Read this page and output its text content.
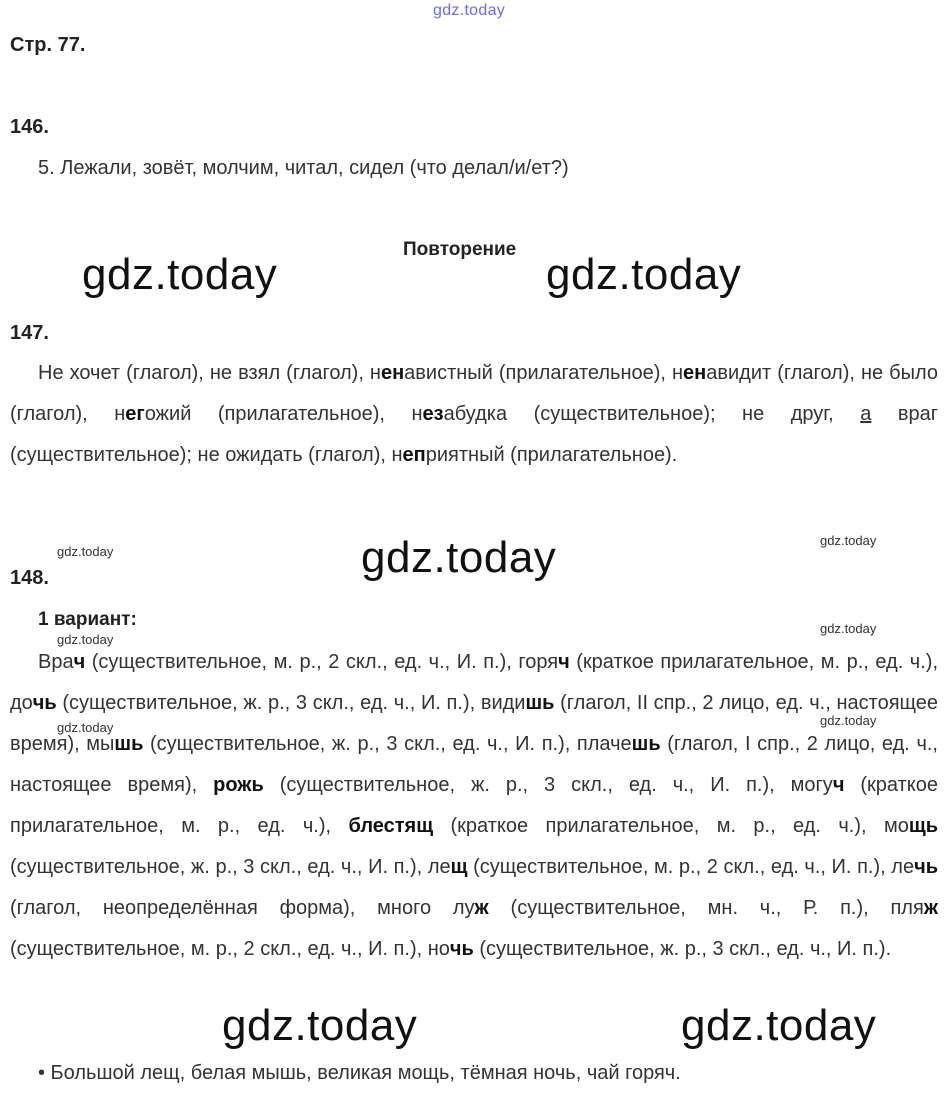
gdz.today
gdz.today	gdz.today
gdz.today
gdz.today	gdz.today
gdz.today
gdz.today
gdz.today
gdz.today
gdz.today	gdz.today
Стр. 77.
146.
5. Лежали, зовёт, молчим, читал, сидел (что делал/и/ет?)
Повторение
147.
Не хочет (глагол), не взял (глагол), ненавистный (прилагательное), ненавидит (глагол), не было (глагол), негожий (прилагательное), незабудка (существительное); не друг, а враг (существительное); не ожидать (глагол), неприятный (прилагательное).
148.
1 вариант:
Врач (существительное, м. р., 2 скл., ед. ч., И. п.), горяч (краткое прилагательное, м. р., ед. ч.), дочь (существительное, ж. р., 3 скл., ед. ч., И. п.), видишь (глагол, II спр., 2 лицо, ед. ч., настоящее время), мышь (существительное, ж. р., 3 скл., ед. ч., И. п.), плачешь (глагол, I спр., 2 лицо, ед. ч., настоящее время), рожь (существительное, ж. р., 3 скл., ед. ч., И. п.), могуч (краткое прилагательное, м. р., ед. ч.), блестящ (краткое прилагательное, м. р., ед. ч.), мощь (существительное, ж. р., 3 скл., ед. ч., И. п.), лещ (существительное, м. р., 2 скл., ед. ч., И. п.), лечь (глагол, неопределённая форма), много луж (существительное, мн. ч., Р. п.), пляж (существительное, м. р., 2 скл., ед. ч., И. п.), ночь (существительное, ж. р., 3 скл., ед. ч., И. п.).
• Большой лещ, белая мышь, великая мощь, тёмная ночь, чай горяч.
